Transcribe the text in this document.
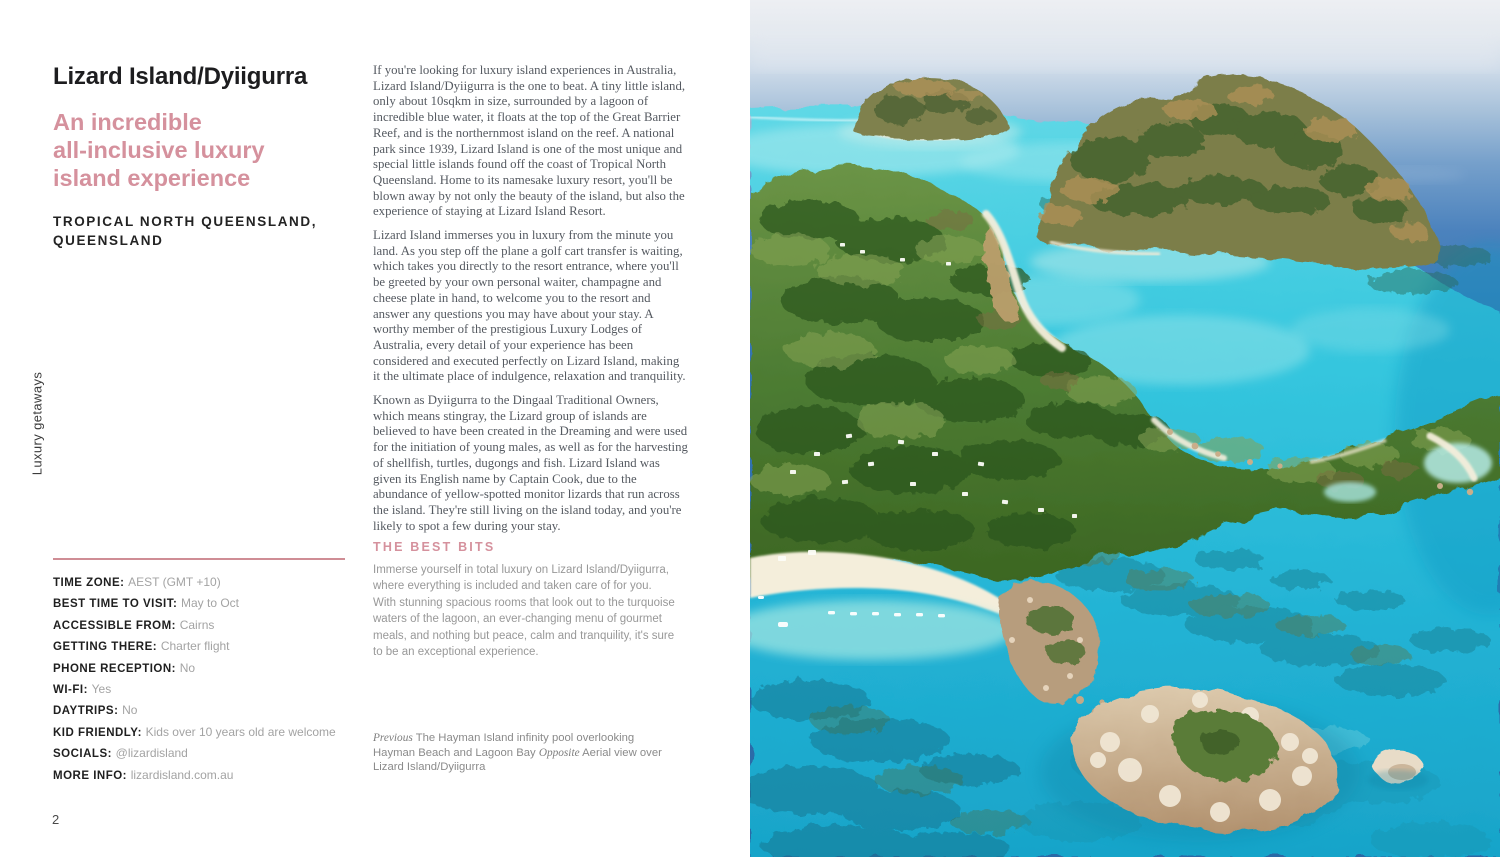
Lizard Island/Dyiigurra
An incredible
all-inclusive luxury
island experience
TROPICAL NORTH QUEENSLAND,
QUEENSLAND
Luxury getaways
TIME ZONE: AEST (GMT +10)
BEST TIME TO VISIT: May to Oct
ACCESSIBLE FROM: Cairns
GETTING THERE: Charter flight
PHONE RECEPTION: No
WI-FI: Yes
DAYTRIPS: No
KID FRIENDLY: Kids over 10 years old are welcome
SOCIALS: @lizardisland
MORE INFO: lizardisland.com.au
2

If you're looking for luxury island experiences in Australia, Lizard Island/Dyiigurra is the one to beat. A tiny little island, only about 10sqkm in size, surrounded by a lagoon of incredible blue water, it floats at the top of the Great Barrier Reef, and is the northernmost island on the reef. A national park since 1939, Lizard Island is one of the most unique and special little islands found off the coast of Tropical North Queensland. Home to its namesake luxury resort, you'll be blown away by not only the beauty of the island, but also the experience of staying at Lizard Island Resort.

Lizard Island immerses you in luxury from the minute you land. As you step off the plane a golf cart transfer is waiting, which takes you directly to the resort entrance, where you'll be greeted by your own personal waiter, champagne and cheese plate in hand, to welcome you to the resort and answer any questions you may have about your stay. A worthy member of the prestigious Luxury Lodges of Australia, every detail of your experience has been considered and executed perfectly on Lizard Island, making it the ultimate place of indulgence, relaxation and tranquility.

Known as Dyiigurra to the Dingaal Traditional Owners, which means stingray, the Lizard group of islands are believed to have been created in the Dreaming and were used for the initiation of young males, as well as for the harvesting of shellfish, turtles, dugongs and fish. Lizard Island was given its English name by Captain Cook, due to the abundance of yellow-spotted monitor lizards that run across the island. They're still living on the island today, and you're likely to spot a few during your stay.

THE BEST BITS
Immerse yourself in total luxury on Lizard Island/Dyiigurra, where everything is included and taken care of for you. With stunning spacious rooms that look out to the turquoise waters of the lagoon, an ever-changing menu of gourmet meals, and nothing but peace, calm and tranquility, it's sure to be an exceptional experience.
Previous The Hayman Island infinity pool overlooking Hayman Beach and Lagoon Bay Opposite Aerial view over Lizard Island/Dyiigurra
